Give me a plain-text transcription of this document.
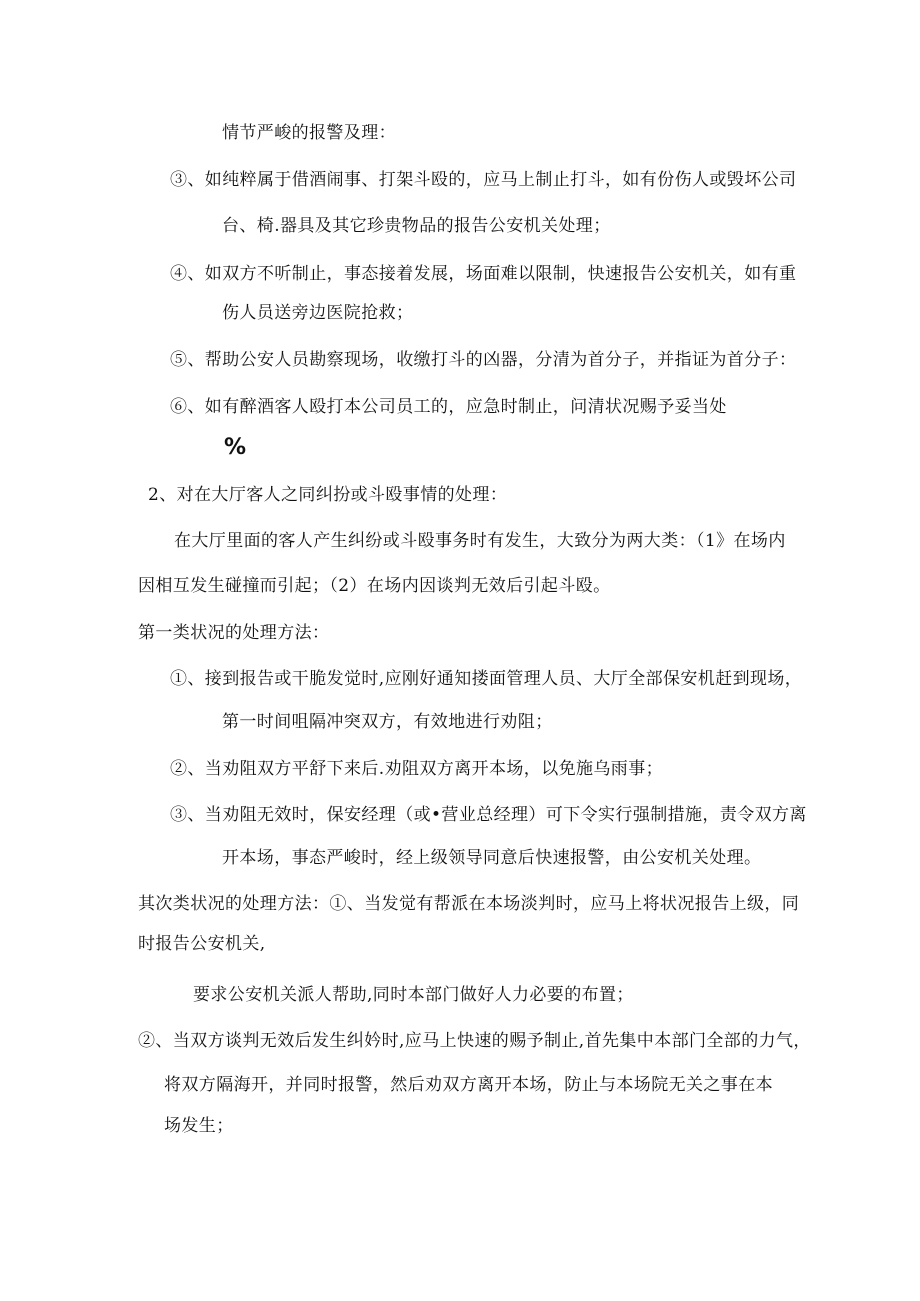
情节严峻的报警及理：
③、如纯粹属于借酒闹事、打架斗殴的，应马上制止打斗，如有份伤人或毁坏公司
台、椅.器具及其它珍贵物品的报告公安机关处理；
④、如双方不听制止，事态接着发展，场面难以限制，快速报告公安机关，如有重
伤人员送旁边医院抢救；
⑤、帮助公安人员勘察现场，收缴打斗的凶器，分清为首分子，并指证为首分子：
⑥、如有醉酒客人殴打本公司员工的，应急时制止，问清状况赐予妥当处
%
2、对在大厅客人之同纠扮或斗殴事情的处理：
在大厅里面的客人产生纠纷或斗殴事务时有发生，大致分为两大类：（1》在场内
因相互发生碰撞而引起；（2）在场内因谈判无效后引起斗殴。
第一类状况的处理方法：
①、接到报告或干脆发觉时,应刚好通知搂面管理人员、大厅全部保安机赶到现场，
第一时间咀隔冲突双方，有效地进行劝阻；
②、当劝阻双方平舒下来后.劝阻双方离开本场，以免施乌雨事；
③、当劝阻无效时，保安经理（或•营业总经理）可下令实行强制措施，责令双方离
开本场，事态严峻时，经上级领导同意后快速报警，由公安机关处理。
其次类状况的处理方法：①、当发觉有帮派在本场淡判时，应马上将状况报告上级，同
时报告公安机关,
要求公安机关派人帮助,同时本部门做好人力必要的布置；
②、当双方谈判无效后发生纠妗时,应马上快速的赐予制止,首先集中本部门全部的力气，
将双方隔海开，并同时报警，然后劝双方离开本场，防止与本场院无关之事在本
场发生；
